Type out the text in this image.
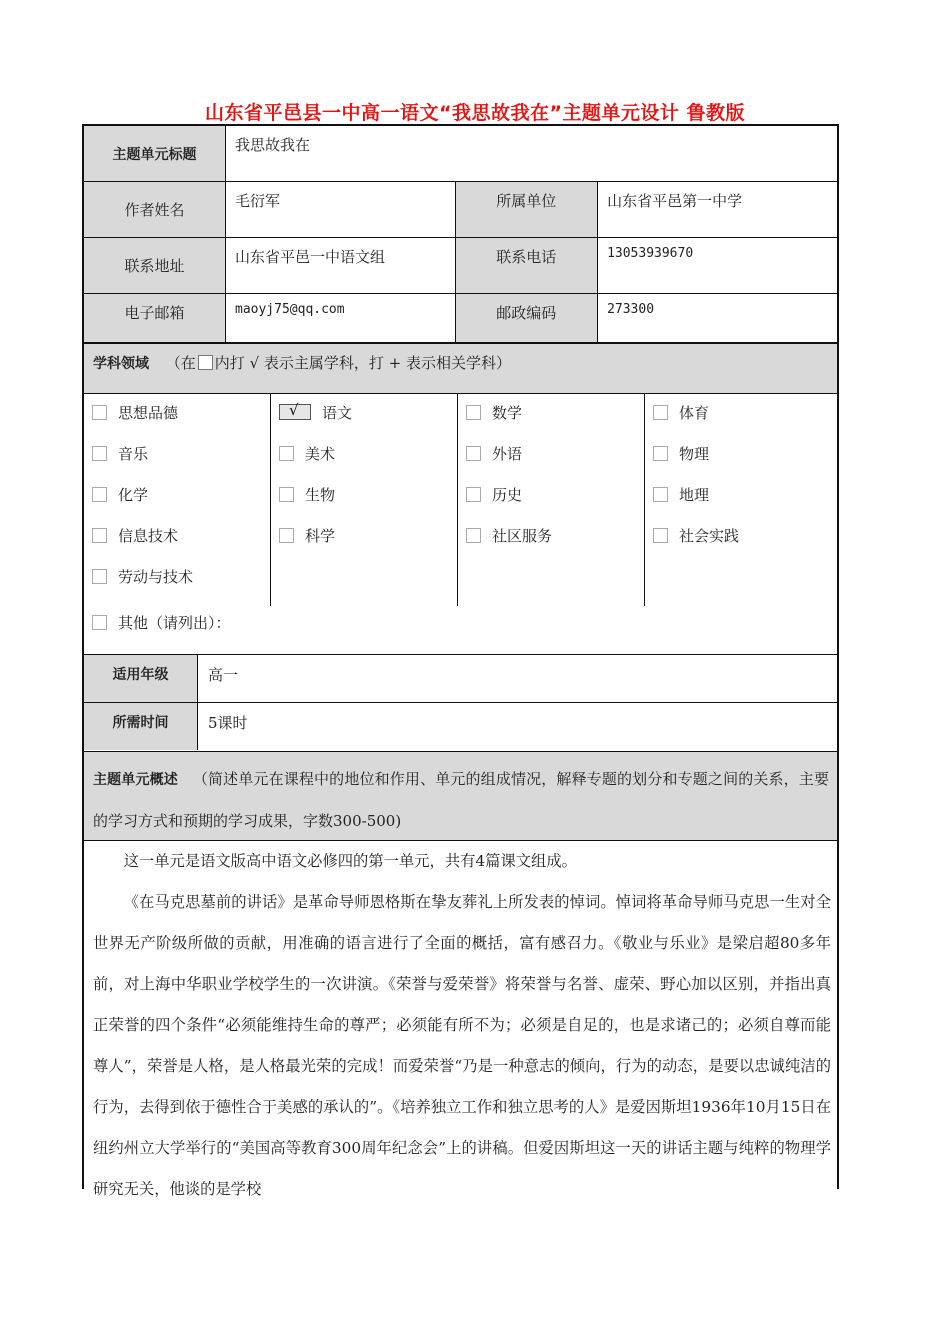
山东省平邑县一中高一语文“我思故我在”主题单元设计 鲁教版
主题单元标题	我思故我在		
作者姓名	毛衍军	所属单位	山东省平邑第一中学
联系地址	山东省平邑一中语文组	联系电话	13053939670
电子邮箱	maoyj75@qq.com	邮政编码	273300
学科领域 （在 内打 √ 表示主属学科，打 + 表示相关学科）
思想品德
音乐
化学
信息技术
劳动与技术
√ 语文
美术
生物
科学
数学
外语
历史
社区服务
体育
物理
地理
社会实践
其他（请列出）：
适用年级	高一
所需时间	5课时
主题单元概述 （简述单元在课程中的地位和作用、单元的组成情况，解释专题的划分和专题之间的关系，主要的学习方式和预期的学习成果，字数300-500)

这一单元是语文版高中语文必修四的第一单元，共有4篇课文组成。

《在马克思墓前的讲话》是革命导师恩格斯在挚友葬礼上所发表的悼词。悼词将革命导师马克思一生对全世界无产阶级所做的贡献，用准确的语言进行了全面的概括，富有感召力。《敬业与乐业》是梁启超80多年前，对上海中华职业学校学生的一次讲演。《荣誉与爱荣誉》将荣誉与名誉、虚荣、野心加以区别，并指出真正荣誉的四个条件“必须能维持生命的尊严；必须能有所不为；必须是自足的，也是求诸己的；必须自尊而能尊人”，荣誉是人格，是人格最光荣的完成！而爱荣誉“乃是一种意志的倾向，行为的动态，是要以忠诚纯洁的行为，去得到依于德性合于美感的承认的”。《培养独立工作和独立思考的人》是爱因斯坦1936年10月15日在纽约州立大学举行的“美国高等教育300周年纪念会”上的讲稿。但爱因斯坦这一天的讲话主题与纯粹的物理学研究无关，他谈的是学校
